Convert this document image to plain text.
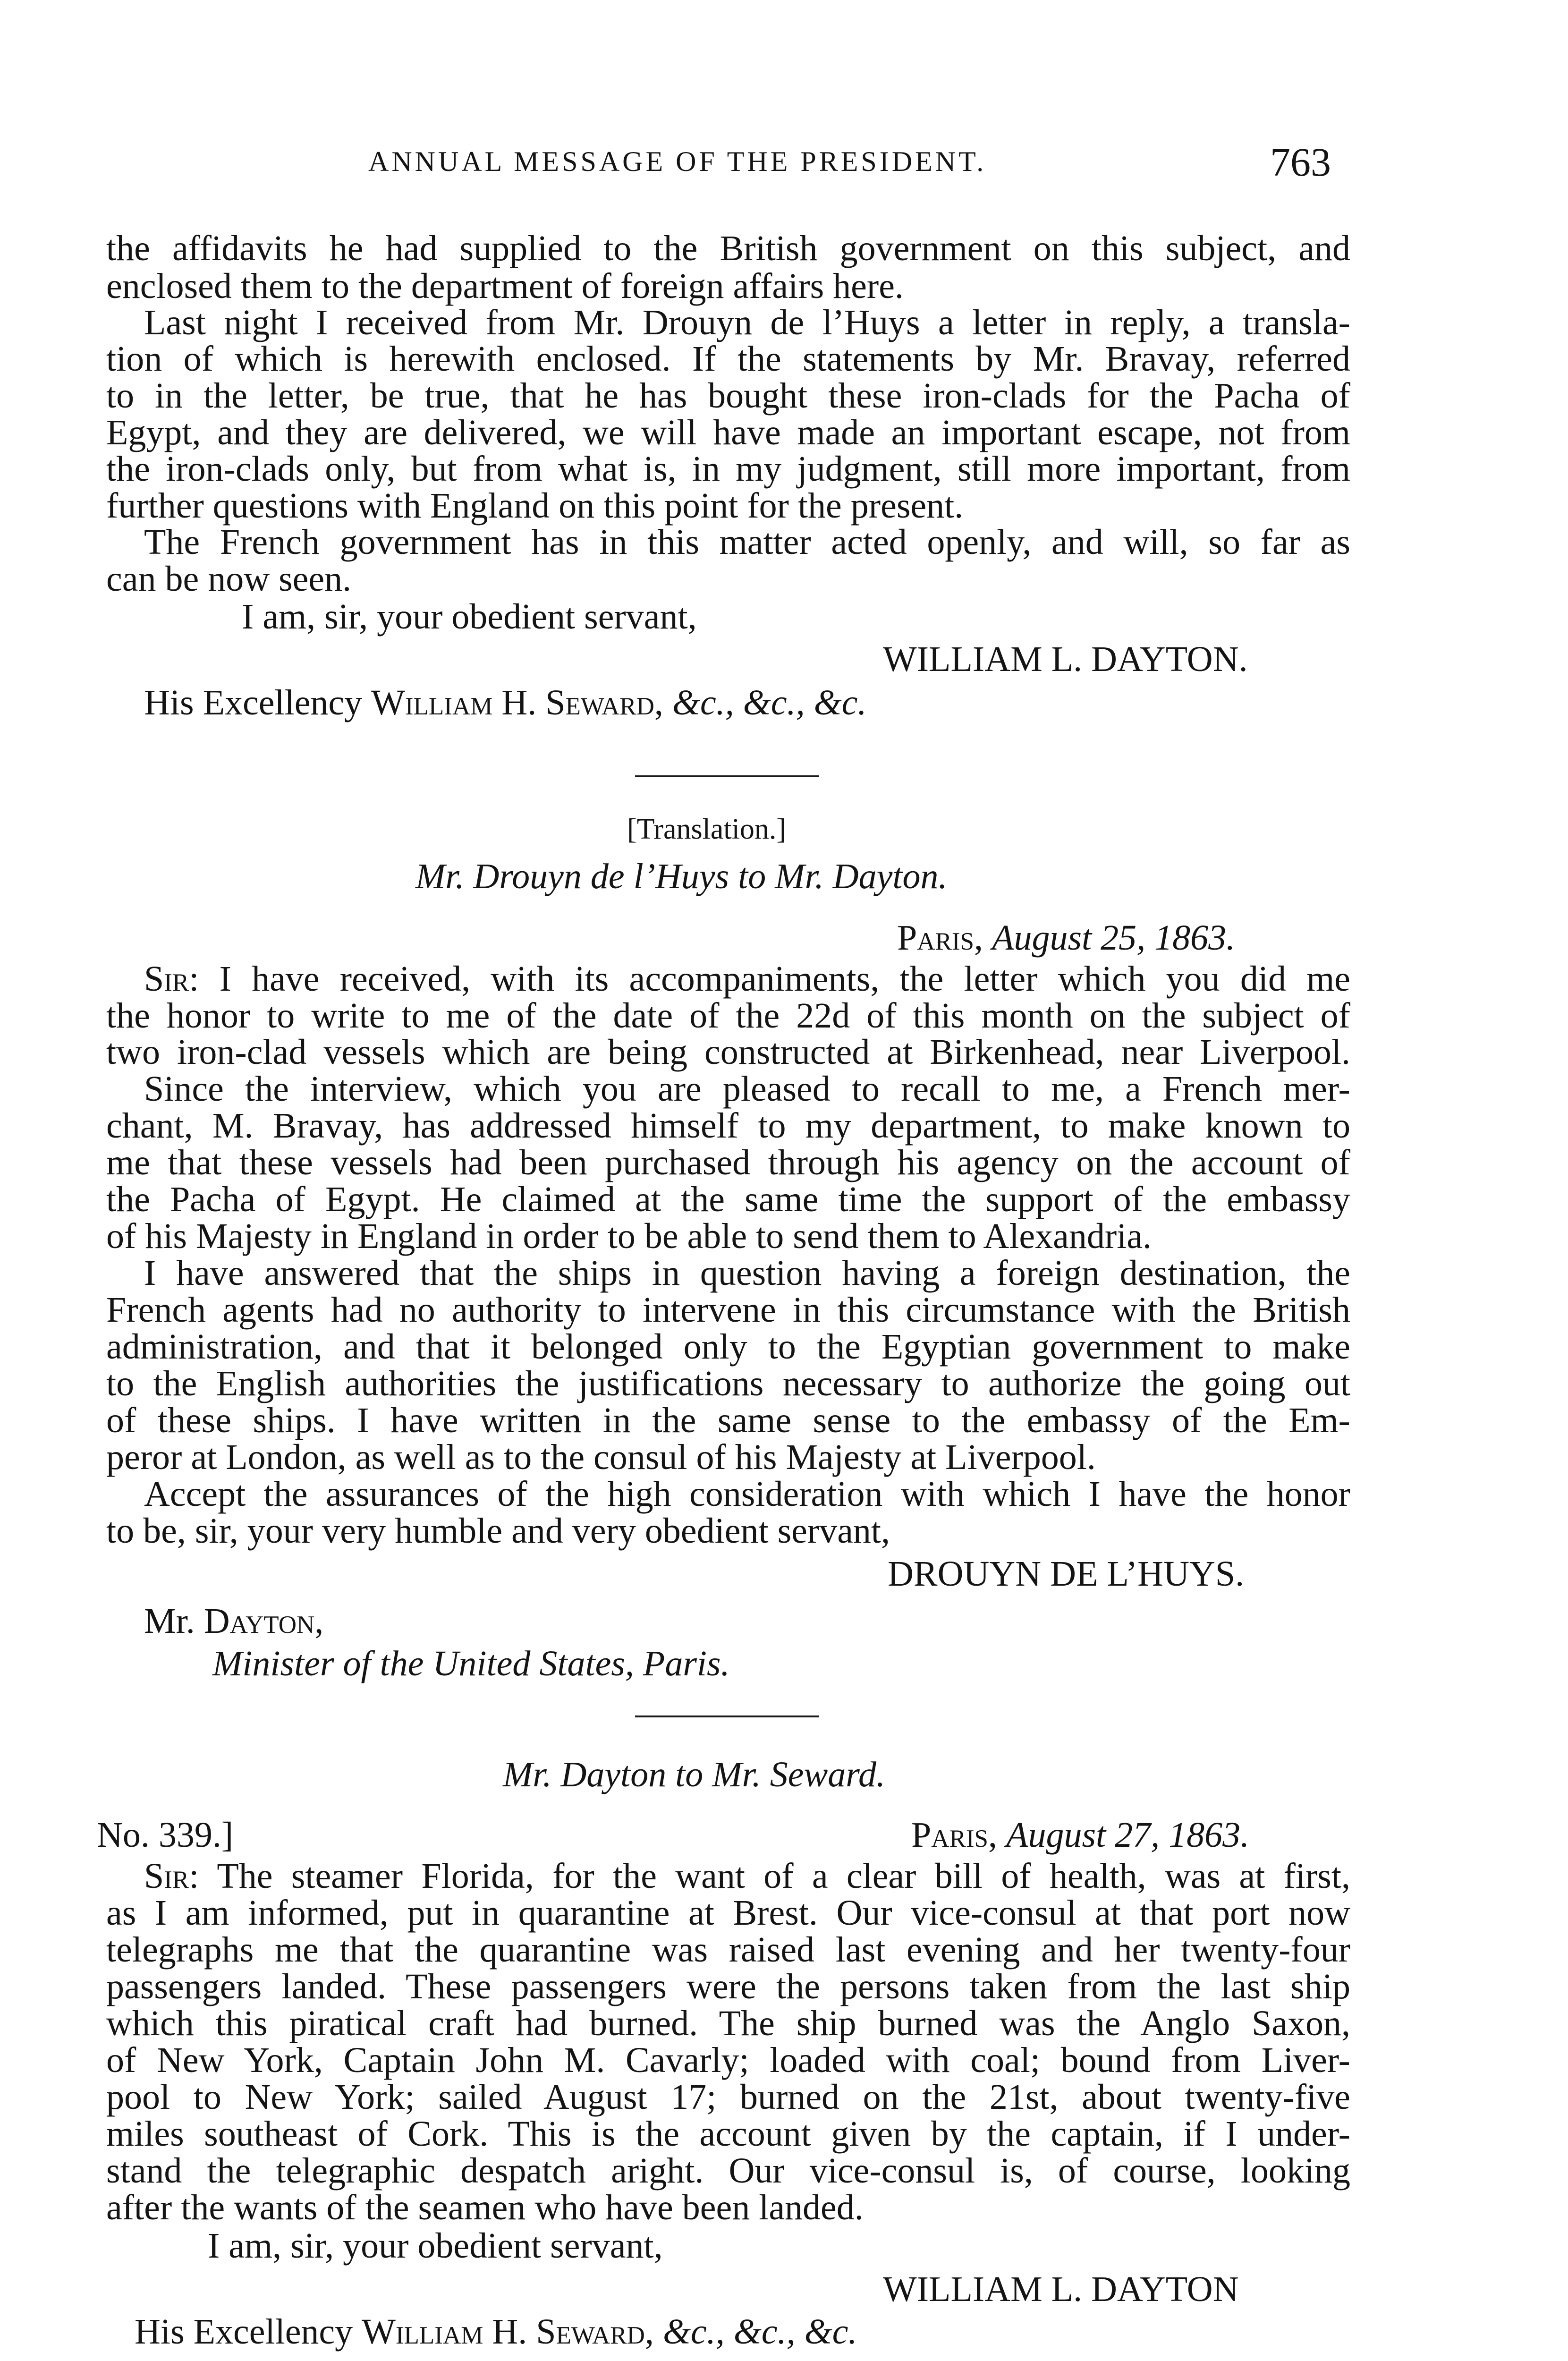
ANNUAL MESSAGE OF THE PRESIDENT.	763
the affidavits he had supplied to the British government on this subject, and
enclosed them to the department of foreign affairs here.
Last night I received from Mr. Drouyn de l’Huys a letter in reply, a transla-
tion of which is herewith enclosed. If the statements by Mr. Bravay, referred
to in the letter, be true, that he has bought these iron-clads for the Pacha of
Egypt, and they are delivered, we will have made an important escape, not from
the iron-clads only, but from what is, in my judgment, still more important, from
further questions with England on this point for the present.
The French government has in this matter acted openly, and will, so far as
can be now seen.
I am, sir, your obedient servant,
WILLIAM L. DAYTON.
His Excellency William H. Seward, &c., &c., &c.
[Translation.]
Mr. Drouyn de l’Huys to Mr. Dayton.
Paris, August 25, 1863.
Sir: I have received, with its accompaniments, the letter which you did me
the honor to write to me of the date of the 22d of this month on the subject of
two iron-clad vessels which are being constructed at Birkenhead, near Liverpool.
Since the interview, which you are pleased to recall to me, a French mer-
chant, M. Bravay, has addressed himself to my department, to make known to
me that these vessels had been purchased through his agency on the account of
the Pacha of Egypt. He claimed at the same time the support of the embassy
of his Majesty in England in order to be able to send them to Alexandria.
I have answered that the ships in question having a foreign destination, the
French agents had no authority to intervene in this circumstance with the British
administration, and that it belonged only to the Egyptian government to make
to the English authorities the justifications necessary to authorize the going out
of these ships. I have written in the same sense to the embassy of the Em-
peror at London, as well as to the consul of his Majesty at Liverpool.
Accept the assurances of the high consideration with which I have the honor
to be, sir, your very humble and very obedient servant,
DROUYN DE L’HUYS.
Mr. Dayton,
Minister of the United States, Paris.
Mr. Dayton to Mr. Seward.
No. 339.]	Paris, August 27, 1863.
Sir: The steamer Florida, for the want of a clear bill of health, was at first,
as I am informed, put in quarantine at Brest. Our vice-consul at that port now
telegraphs me that the quarantine was raised last evening and her twenty-four
passengers landed. These passengers were the persons taken from the last ship
which this piratical craft had burned. The ship burned was the Anglo Saxon,
of New York, Captain John M. Cavarly; loaded with coal; bound from Liver-
pool to New York; sailed August 17; burned on the 21st, about twenty-five
miles southeast of Cork. This is the account given by the captain, if I under-
stand the telegraphic despatch aright. Our vice-consul is, of course, looking
after the wants of the seamen who have been landed.
I am, sir, your obedient servant,
WILLIAM L. DAYTON
His Excellency William H. Seward, &c., &c., &c.
